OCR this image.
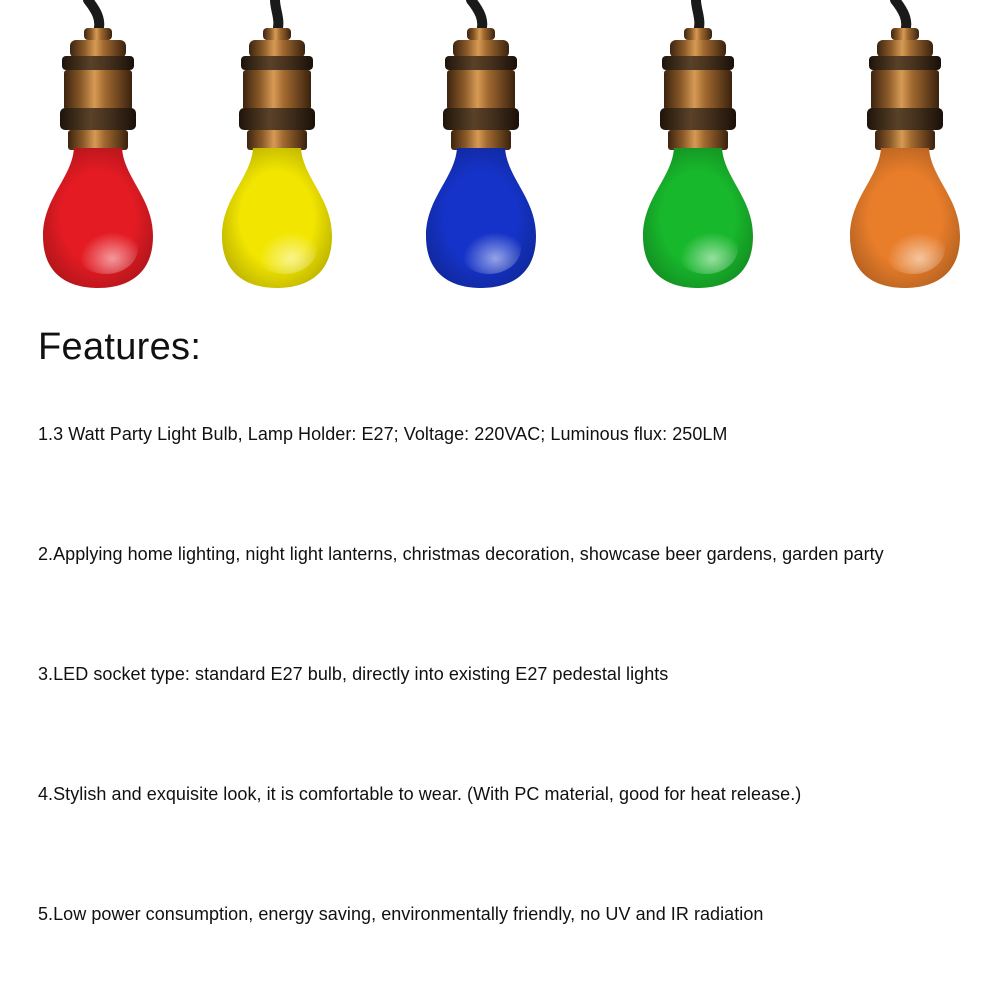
Features:

1.3 Watt Party Light Bulb, Lamp Holder: E27; Voltage: 220VAC; Luminous flux: 250LM

2.Applying home lighting, night light lanterns, christmas decoration, showcase beer gardens, garden party

3.LED socket type: standard E27 bulb, directly into existing E27 pedestal lights

4.Stylish and exquisite look, it is comfortable to wear. (With PC material, good for heat release.)

5.Low power consumption, energy saving, environmentally friendly, no UV and IR radiation
